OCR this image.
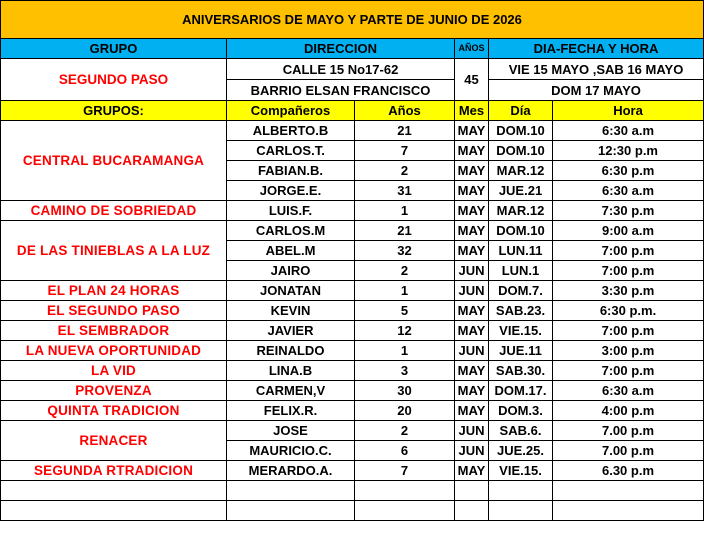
ANIVERSARIOS DE MAYO Y PARTE DE JUNIO DE 2026					
GRUPO	DIRECCION		AÑOS	DIA-FECHA Y HORA	
SEGUNDO PASO	CALLE 15 No17-62		45	VIE 15 MAYO ,SAB 16 MAYO	
	BARRIO ELSAN FRANCISCO			DOM 17 MAYO	
GRUPOS:	Compañeros	Años	Mes	Día	Hora
CENTRAL BUCARAMANGA	ALBERTO.B	21	MAY	DOM.10	6:30 a.m
	CARLOS.T.	7	MAY	DOM.10	12:30 p.m
	FABIAN.B.	2	MAY	MAR.12	6:30 p.m
	JORGE.E.	31	MAY	JUE.21	6:30 a.m
CAMINO DE SOBRIEDAD	LUIS.F.	1	MAY	MAR.12	7:30 p.m
DE LAS TINIEBLAS A LA LUZ	CARLOS.M	21	MAY	DOM.10	9:00 a.m
	ABEL.M	32	MAY	LUN.11	7:00 p.m
	JAIRO	2	JUN	LUN.1	7:00 p.m
EL PLAN 24 HORAS	JONATAN	1	JUN	DOM.7.	3:30 p.m
EL SEGUNDO PASO	KEVIN	5	MAY	SAB.23.	6:30 p.m.
EL SEMBRADOR	JAVIER	12	MAY	VIE.15.	7:00 p.m
LA NUEVA OPORTUNIDAD	REINALDO	1	JUN	JUE.11	3:00 p.m
LA VID	LINA.B	3	MAY	SAB.30.	7:00 p.m
PROVENZA	CARMEN,V	30	MAY	DOM.17.	6:30 a.m
QUINTA TRADICION	FELIX.R.	20	MAY	DOM.3.	4:00 p.m
RENACER	JOSE	2	JUN	SAB.6.	7.00 p.m
	MAURICIO.C.	6	JUN	JUE.25.	7.00 p.m
SEGUNDA RTRADICION	MERARDO.A.	7	MAY	VIE.15.	6.30 p.m
